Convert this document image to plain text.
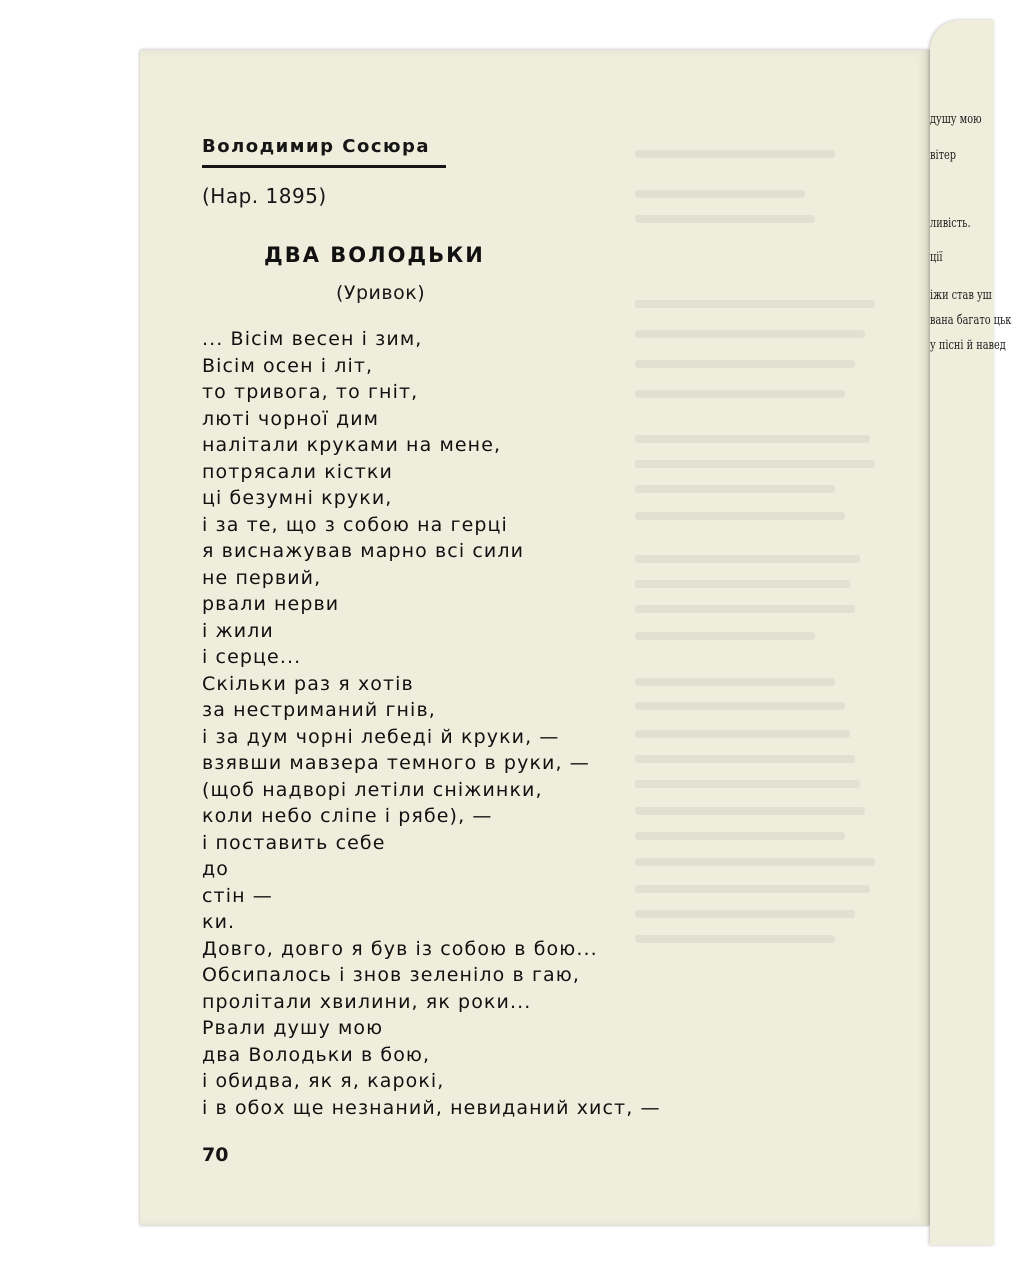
Володимир Сосюра
(Нар. 1895)
ДВА ВОЛОДЬКИ
(Уривок)
... Вісім весен і зим,
Вісім осен і літ,
то тривога, то гніт,
люті чорної дим
налітали круками на мене,
потрясали кістки
ці безумні круки,
і за те, що з собою на герці
я виснажував марно всі сили
не первий,
рвали нерви
і жили
і серце...
Скільки раз я хотів
за нестриманий гнів,
і за дум чорні лебеді й круки, —
взявши мавзера темного в руки, —
(щоб надворі летіли сніжинки,
коли небо сліпе і рябе), —
і поставить себе
до
стін —
ки.
Довго, довго я був із собою в бою...
Обсипалось і знов зеленіло в гаю,
пролітали хвилини, як роки...
Рвали душу мою
два Володьки в бою,
і обидва, як я, карокі,
і в обох ще незнаний, невиданий хист, —
70
душу мою
вітер
ливість.
ції
іжи став уш
вана багато цьк
у пісні й навед
